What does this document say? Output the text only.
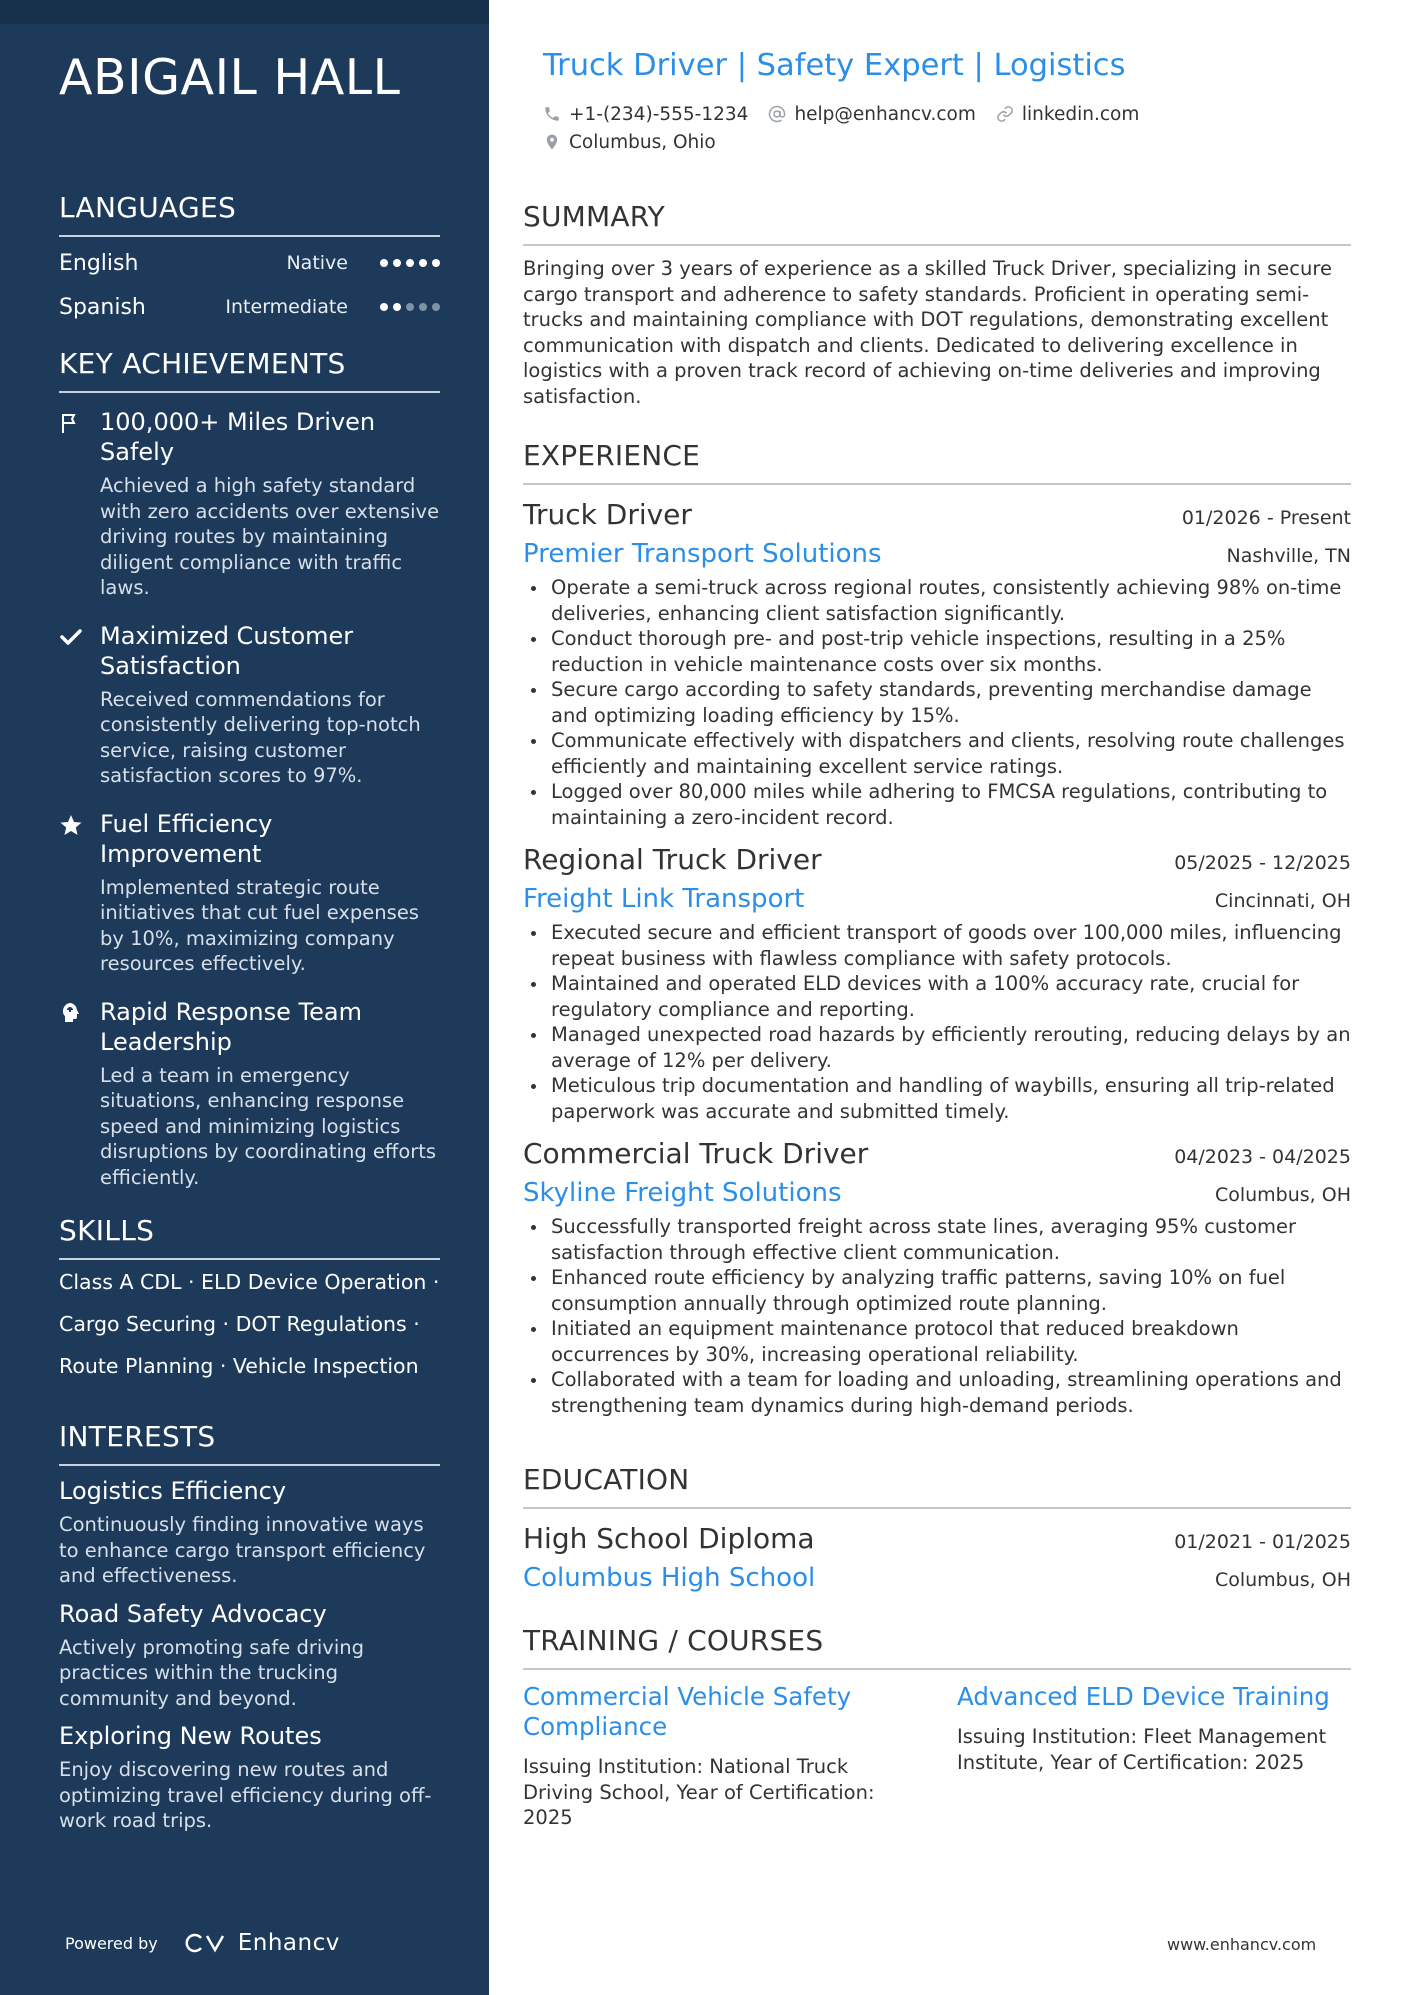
ABIGAIL HALL
LANGUAGES
English	Native
Spanish	Intermediate
KEY ACHIEVEMENTS
100,000+ Miles Driven Safely
Achieved a high safety standard with zero accidents over extensive driving routes by maintaining diligent compliance with traffic laws.
Maximized Customer Satisfaction
Received commendations for consistently delivering top-notch service, raising customer satisfaction scores to 97%.
Fuel Efficiency Improvement
Implemented strategic route initiatives that cut fuel expenses by 10%, maximizing company resources effectively.
Rapid Response Team Leadership
Led a team in emergency situations, enhancing response speed and minimizing logistics disruptions by coordinating efforts efficiently.
SKILLS
Class A CDL · ELD Device Operation ·
Cargo Securing · DOT Regulations ·
Route Planning · Vehicle Inspection
INTERESTS
Logistics Efficiency
Continuously finding innovative ways to enhance cargo transport efficiency and effectiveness.
Road Safety Advocacy
Actively promoting safe driving practices within the trucking community and beyond.
Exploring New Routes
Enjoy discovering new routes and optimizing travel efficiency during off-work road trips.
Powered by	Enhancv
Truck Driver | Safety Expert | Logistics
+1-(234)-555-1234 help@enhancv.com linkedin.com
Columbus, Ohio
SUMMARY

Bringing over 3 years of experience as a skilled Truck Driver, specializing in secure cargo transport and adherence to safety standards. Proficient in operating semi-trucks and maintaining compliance with DOT regulations, demonstrating excellent communication with dispatch and clients. Dedicated to delivering excellence in logistics with a proven track record of achieving on-time deliveries and improving satisfaction.

EXPERIENCE
Truck Driver	01/2026 - Present
Premier Transport Solutions	Nashville, TN
Operate a semi-truck across regional routes, consistently achieving 98% on-time deliveries, enhancing client satisfaction significantly.
Conduct thorough pre- and post-trip vehicle inspections, resulting in a 25% reduction in vehicle maintenance costs over six months.
Secure cargo according to safety standards, preventing merchandise damage and optimizing loading efficiency by 15%.
Communicate effectively with dispatchers and clients, resolving route challenges efficiently and maintaining excellent service ratings.
Logged over 80,000 miles while adhering to FMCSA regulations, contributing to maintaining a zero-incident record.
Regional Truck Driver	05/2025 - 12/2025
Freight Link Transport	Cincinnati, OH
Executed secure and efficient transport of goods over 100,000 miles, influencing repeat business with flawless compliance with safety protocols.
Maintained and operated ELD devices with a 100% accuracy rate, crucial for regulatory compliance and reporting.
Managed unexpected road hazards by efficiently rerouting, reducing delays by an average of 12% per delivery.
Meticulous trip documentation and handling of waybills, ensuring all trip-related paperwork was accurate and submitted timely.
Commercial Truck Driver	04/2023 - 04/2025
Skyline Freight Solutions	Columbus, OH
Successfully transported freight across state lines, averaging 95% customer satisfaction through effective client communication.
Enhanced route efficiency by analyzing traffic patterns, saving 10% on fuel consumption annually through optimized route planning.
Initiated an equipment maintenance protocol that reduced breakdown occurrences by 30%, increasing operational reliability.
Collaborated with a team for loading and unloading, streamlining operations and strengthening team dynamics during high-demand periods.
EDUCATION
High School Diploma	01/2021 - 01/2025
Columbus High School	Columbus, OH
TRAINING / COURSES
Commercial Vehicle Safety Compliance
Issuing Institution: National Truck Driving School, Year of Certification: 2025
Advanced ELD Device Training
Issuing Institution: Fleet Management Institute, Year of Certification: 2025
www.enhancv.com
